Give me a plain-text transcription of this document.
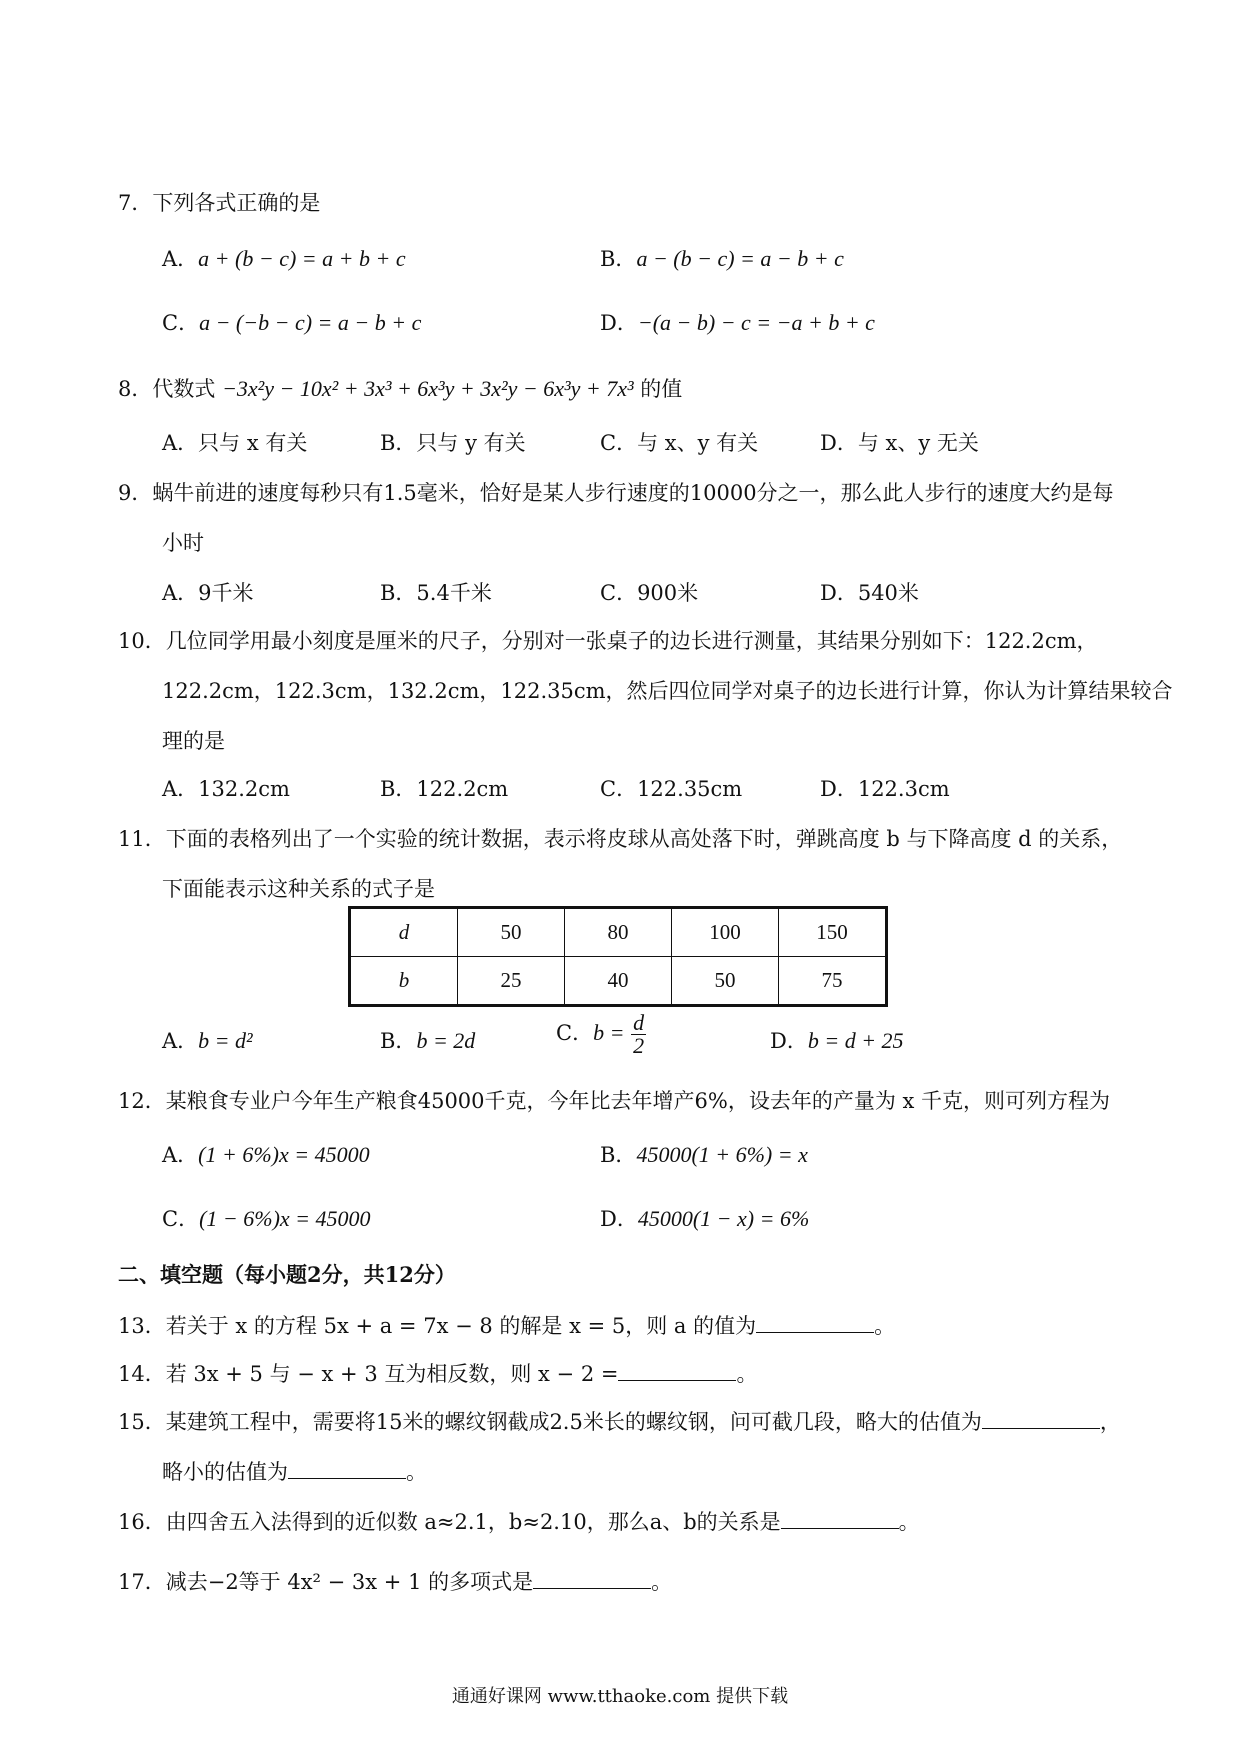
7．下列各式正确的是
A．a + (b − c) = a + b + c	B．a − (b − c) = a − b + c
C．a − (−b − c) = a − b + c	D．−(a − b) − c = −a + b + c
8．代数式 −3x²y − 10x² + 3x³ + 6x³y + 3x²y − 6x³y + 7x³ 的值
A．只与 x 有关	B．只与 y 有关	C．与 x、y 有关	D．与 x、y 无关
9．蜗牛前进的速度每秒只有1.5毫米，恰好是某人步行速度的10000分之一，那么此人步行的速度大约是每
小时
A．9千米	B．5.4千米	C．900米	D．540米
10．几位同学用最小刻度是厘米的尺子，分别对一张桌子的边长进行测量，其结果分别如下：122.2cm，
122.2cm，122.3cm，132.2cm，122.35cm，然后四位同学对桌子的边长进行计算，你认为计算结果较合
理的是
A．132.2cm	B．122.2cm	C．122.35cm	D．122.3cm
11．下面的表格列出了一个实验的统计数据，表示将皮球从高处落下时，弹跳高度 b 与下降高度 d 的关系，
下面能表示这种关系的式子是
d	50	80	100	150
b	25	40	50	75
A．b = d²	B．b = 2d	C．$b = \frac{d}{2}$	D．b = d + 25
12．某粮食专业户今年生产粮食45000千克，今年比去年增产6%，设去年的产量为 x 千克，则可列方程为
A．(1 + 6%)x = 45000	B．45000(1 + 6%) = x
C．(1 − 6%)x = 45000	D．45000(1 − x) = 6%
二、填空题（每小题2分，共12分）
13．若关于 x 的方程 5x + a = 7x − 8 的解是 x = 5，则 a 的值为	。
14．若 3x + 5 与 − x + 3 互为相反数，则 x − 2 =	。
15．某建筑工程中，需要将15米的螺纹钢截成2.5米长的螺纹钢，问可截几段，略大的估值为	，
略小的估值为	。
16．由四舍五入法得到的近似数 a≈2.1，b≈2.10，那么a、b的关系是	。
17．减去−2等于 4x² − 3x + 1 的多项式是	。
通通好课网 www.tthaoke.com 提供下载
